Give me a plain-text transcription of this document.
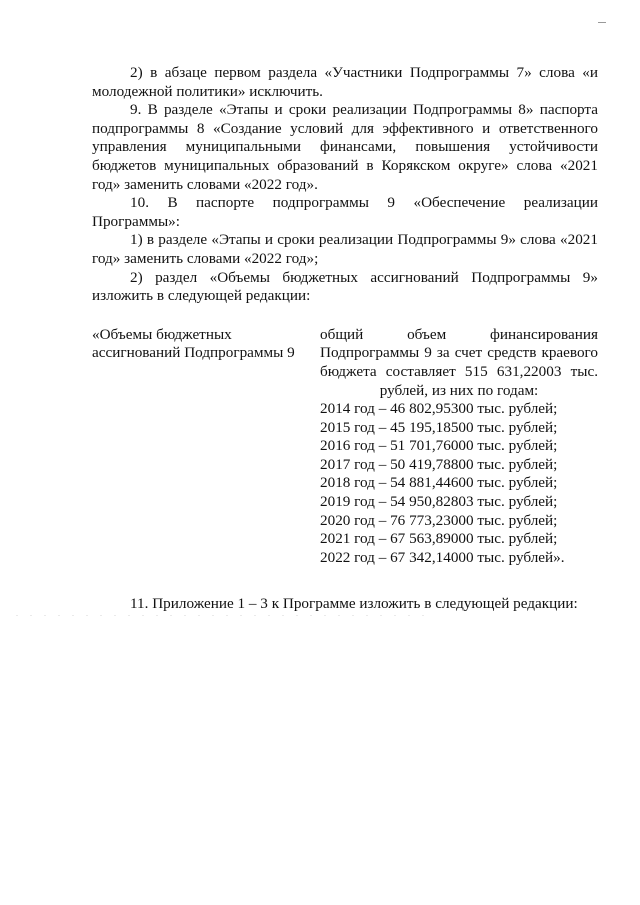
2) в абзаце первом раздела «Участники Подпрограммы 7» слова «и молодежной политики» исключить.

9. В разделе «Этапы и сроки реализации Подпрограммы 8» паспорта подпрограммы 8 «Создание условий для эффективного и ответственного управления муниципальными финансами, повышения устойчивости бюджетов муниципальных образований в Корякском округе» слова «2021 год» заменить словами «2022 год».

10. В паспорте подпрограммы 9 «Обеспечение реализации Программы»:

1) в разделе «Этапы и сроки реализации Подпрограммы 9» слова «2021 год» заменить словами «2022 год»;

2) раздел «Объемы бюджетных ассигнований Подпрограммы 9» изложить в следующей редакции:

«Объемы бюджетных ассигнований Подпрограммы 9
общий объем финансирования Подпрограммы 9 за счет средств краевого бюджета составляет 515 631,22003 тыс. рублей, из них по годам:
2014 год – 46 802,95300 тыс. рублей;
2015 год – 45 195,18500 тыс. рублей;
2016 год – 51 701,76000 тыс. рублей;
2017 год – 50 419,78800 тыс. рублей;
2018 год – 54 881,44600 тыс. рублей;
2019 год – 54 950,82803 тыс. рублей;
2020 год – 76 773,23000 тыс. рублей;
2021 год – 67 563,89000 тыс. рублей;
2022 год – 67 342,14000 тыс. рублей».

11. Приложение 1 – 3 к Программе изложить в следующей редакции:
